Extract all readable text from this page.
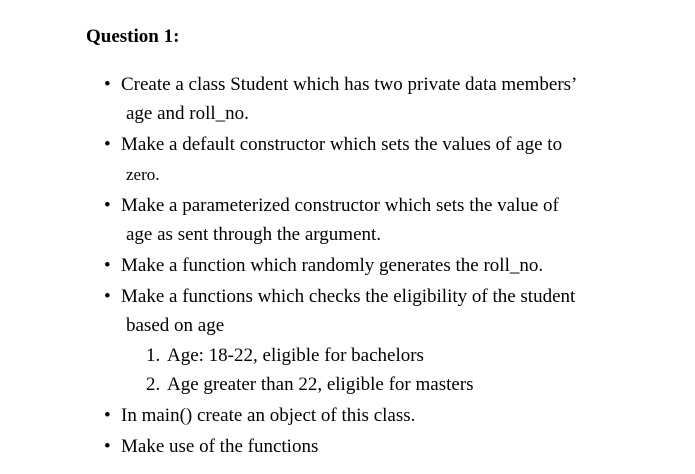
Question 1:
•
Create a class Student which has two private data members’
age and roll_no.
•
Make a default constructor which sets the values of age to
zero.
•
Make a parameterized constructor which sets the value of
age as sent through the argument.
•
Make a function which randomly generates the roll_no.
•
Make a functions which checks the eligibility of the student
based on age
1. Age: 18-22, eligible for bachelors
2. Age greater than 22, eligible for masters
•
In main() create an object of this class.
•
Make use of the functions
